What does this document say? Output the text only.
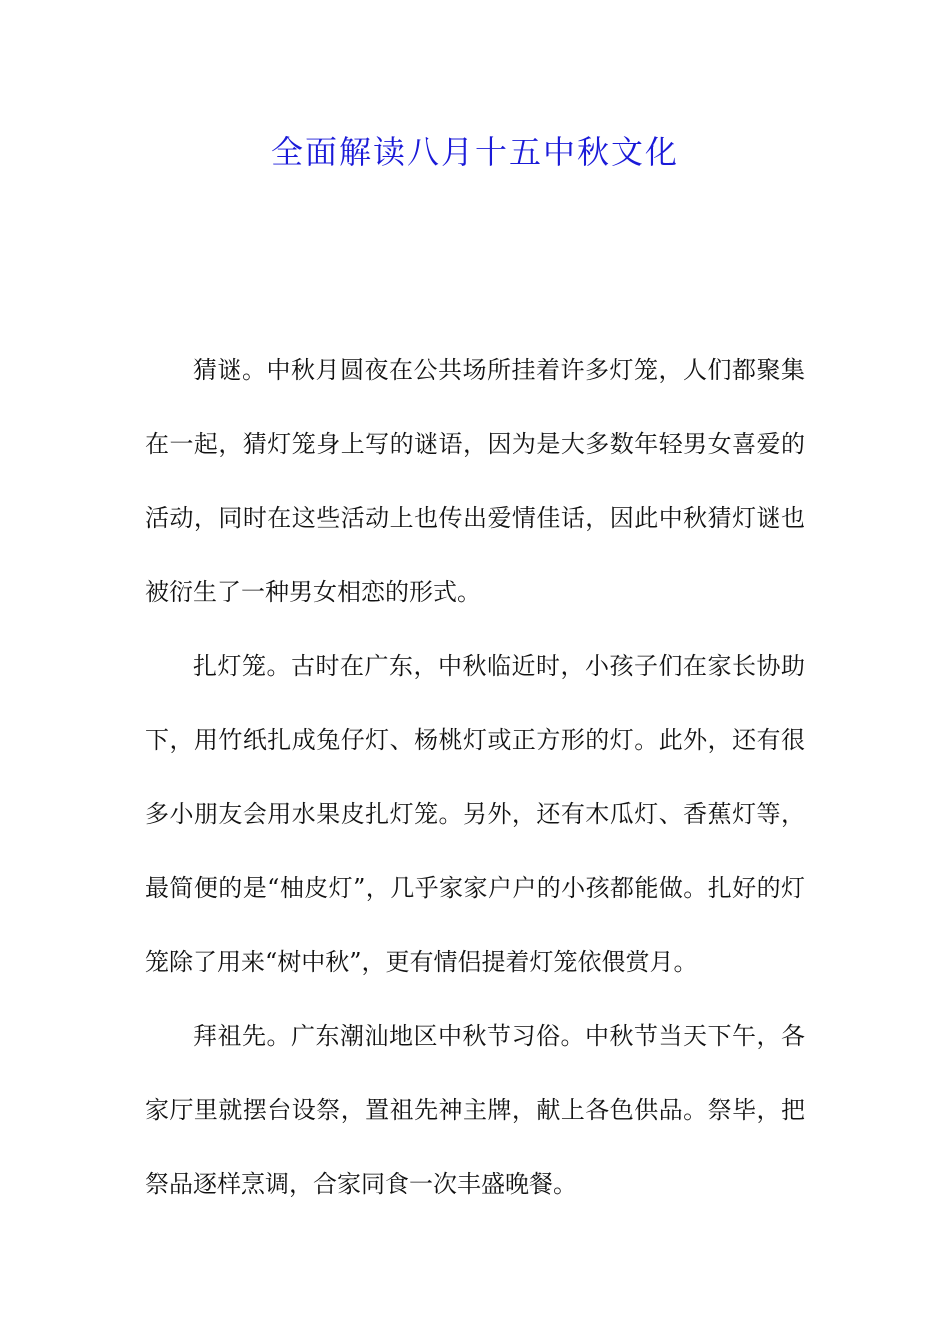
全面解读八月十五中秋文化

猜谜。中秋月圆夜在公共场所挂着许多灯笼，人们都聚集在一起，猜灯笼身上写的谜语，因为是大多数年轻男女喜爱的活动，同时在这些活动上也传出爱情佳话，因此中秋猜灯谜也被衍生了一种男女相恋的形式。

扎灯笼。古时在广东，中秋临近时，小孩子们在家长协助下，用竹纸扎成兔仔灯、杨桃灯或正方形的灯。此外，还有很多小朋友会用水果皮扎灯笼。另外，还有木瓜灯、香蕉灯等，最简便的是“柚皮灯”，几乎家家户户的小孩都能做。扎好的灯笼除了用来“树中秋”，更有情侣提着灯笼依偎赏月。

拜祖先。广东潮汕地区中秋节习俗。中秋节当天下午，各家厅里就摆台设祭，置祖先神主牌，献上各色供品。祭毕，把祭品逐样烹调，合家同食一次丰盛晚餐。
